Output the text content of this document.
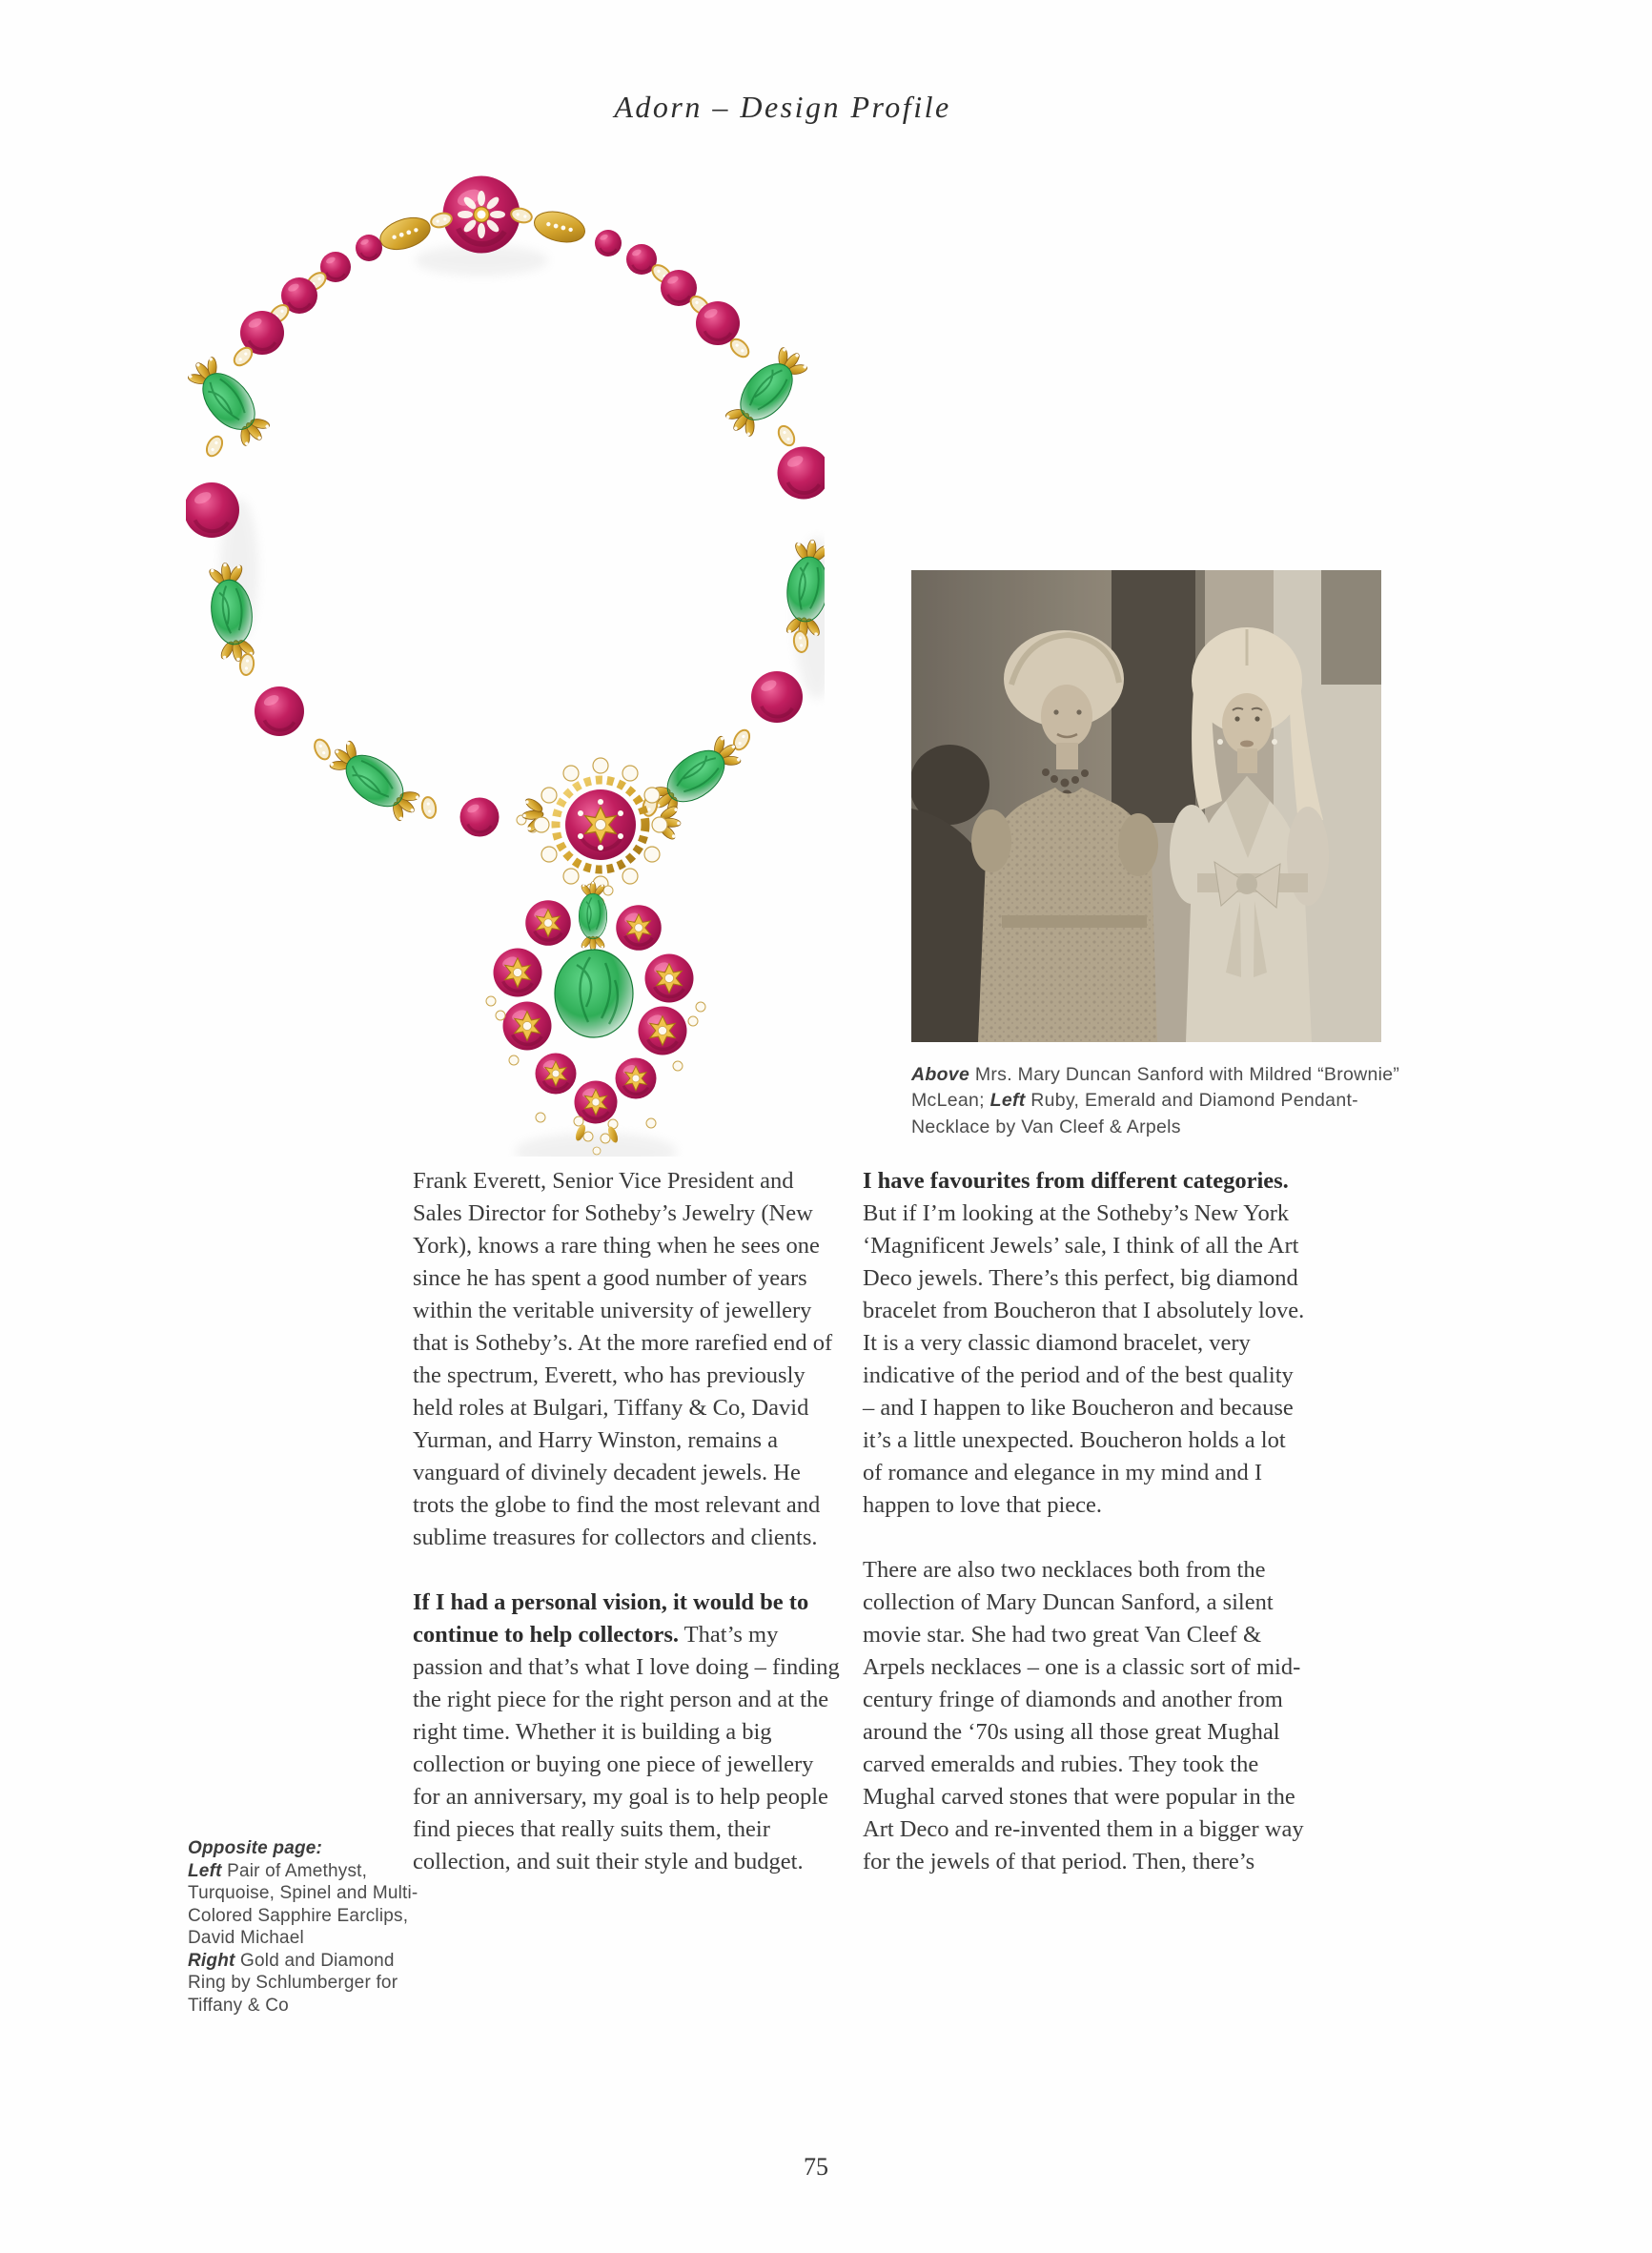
Adorn – Design Profile

Above Mrs. Mary Duncan Sanford with Mildred “Brownie” McLean; Left Ruby, Emerald and Diamond Pendant-Necklace by Van Cleef & Arpels

Frank Everett, Senior Vice President and Sales Director for Sotheby’s Jewelry (New York), knows a rare thing when he sees one since he has spent a good number of years within the veritable university of jewellery that is Sotheby’s. At the more rarefied end of the spectrum, Everett, who has previously held roles at Bulgari, Tiffany & Co, David Yurman, and Harry Winston, remains a vanguard of divinely decadent jewels. He trots the globe to find the most relevant and sublime treasures for collectors and clients.

If I had a personal vision, it would be to continue to help collectors. That’s my passion and that’s what I love doing – finding the right piece for the right person and at the right time. Whether it is building a big collection or buying one piece of jewellery for an anniversary, my goal is to help people find pieces that really suits them, their collection, and suit their style and budget.

I have favourites from different categories. But if I’m looking at the Sotheby’s New York ‘Magnificent Jewels’ sale, I think of all the Art Deco jewels. There’s this perfect, big diamond bracelet from Boucheron that I absolutely love. It is a very classic diamond bracelet, very indicative of the period and of the best quality – and I happen to like Boucheron and because it’s a little unexpected. Boucheron holds a lot of romance and elegance in my mind and I happen to love that piece.

There are also two necklaces both from the collection of Mary Duncan Sanford, a silent movie star. She had two great Van Cleef & Arpels necklaces – one is a classic sort of mid-century fringe of diamonds and another from around the ‘70s using all those great Mughal carved emeralds and rubies. They took the Mughal carved stones that were popular in the Art Deco and re-invented them in a bigger way for the jewels of that period. Then, there’s

Opposite page:
Left Pair of Amethyst, Turquoise, Spinel and Multi-Colored Sapphire Earclips, David Michael
Right Gold and Diamond Ring by Schlumberger for Tiffany & Co

75
